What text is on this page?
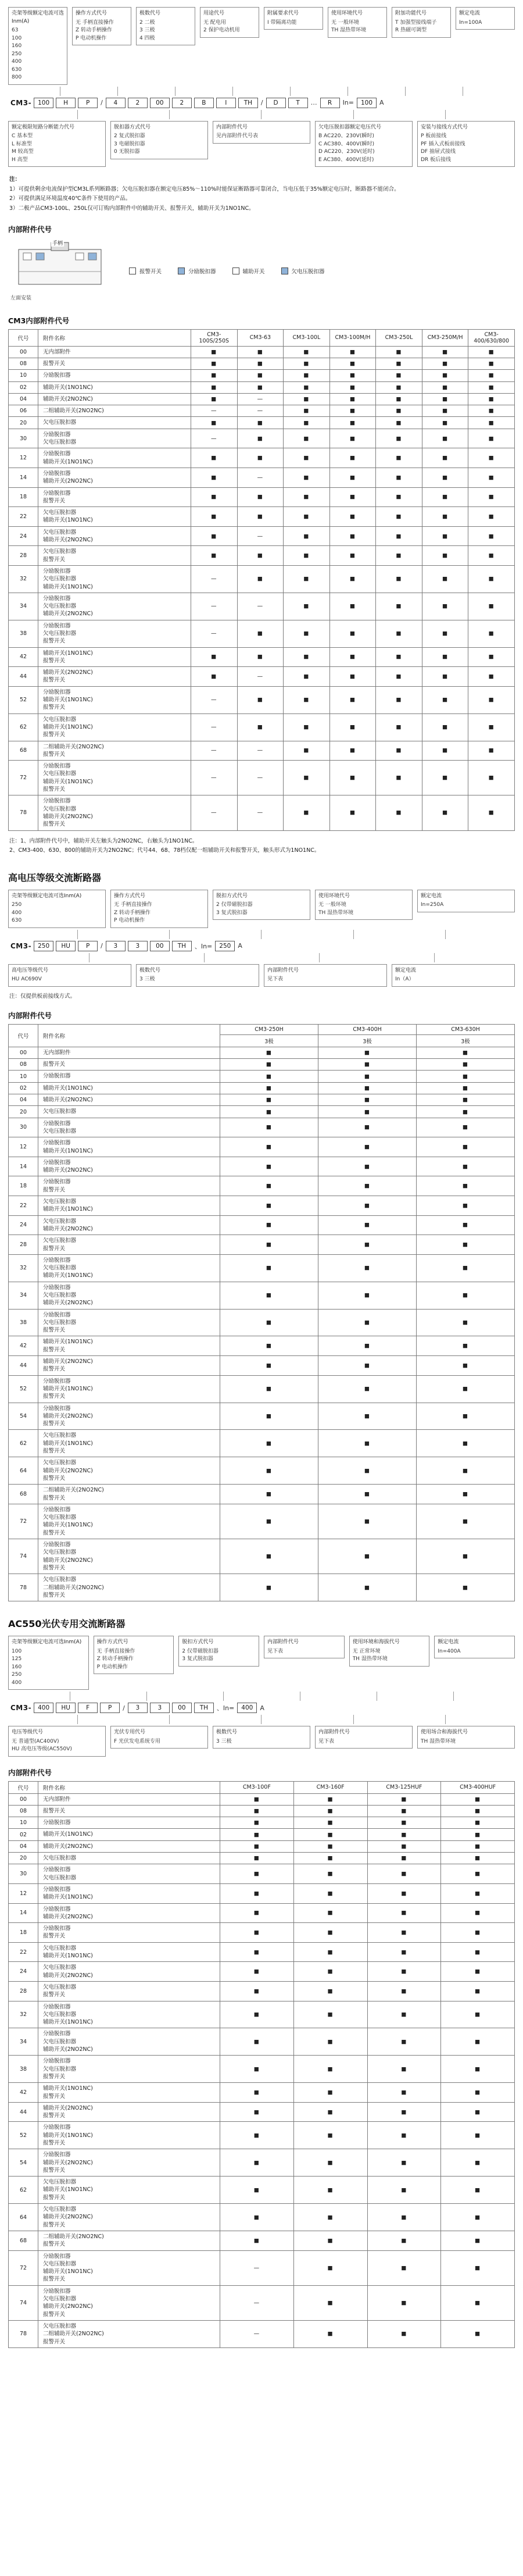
壳架等级额定电流可选Inm(A)
63
100
160
250
400
630
800
操作方式代号
无 手柄直接操作
Z 转动手柄操作
P 电动机操作
极数代号
2 二极
3 三极
4 四极
用途代号
无 配电用
2 保护电动机用
附属要求代号
I 带隔离功能
使用环境代号
无 一般环境
TH 湿热带环境
附加功能代号
T 加强型接线端子
R 热磁可调型
额定电流
In=100A
CM3-	100	H	P	/	4	2	00	2	B	I	TH	/	D	T	…	R	In=	100	A
额定极限短路分断能力代号
C 基本型
L 标准型
M 较高型
H 高型
脱扣器方式代号
2 复式脱扣器
3 电磁脱扣器
0 无脱扣器
内部附件代号
见内部附件代号表
欠电压脱扣器额定电压代号
B AC220、230V(瞬时)
C AC380、400V(瞬时)
D AC220、230V(延时)
E AC380、400V(延时)
安装与接线方式代号
P 板前接线
PF 插入式板前接线
DF 抽屉式接线
DR 板后接线
注：
1）可提供剩余电流保护型CM3L系列断路器；欠电压脱扣器在额定电压85%～110%时能保证断路器可靠闭合，当电压低于35%额定电压时，断路器不能闭合。
2）可提供满足环境温度40℃条件下使用的产品。
3）二极产品CM3-100L、250L仅可订购内部附件中的辅助开关、报警开关，辅助开关为1NO1NC。
内部附件代号
手柄
左面安装
报警开关	分励脱扣器	辅助开关	欠电压脱扣器
CM3内部附件代号
代号	附件名称	CM3-100S/250S	CM3-63	CM3-100L	CM3-100M/H	CM3-250L	CM3-250M/H	CM3-400/630/800
00	无内部附件	■	■	■	■	■	■	■
08	报警开关	■	■	■	■	■	■	■
10	分励脱扣器	■	■	■	■	■	■	■
02	辅助开关(1NO1NC)	■	■	■	■	■	■	■
04	辅助开关(2NO2NC)	■	—	■	■	■	■	■
06	二组辅助开关(2NO2NC)	—	—	■	■	■	■	■
20	欠电压脱扣器	■	■	■	■	■	■	■
30	分励脱扣器
欠电压脱扣器	—	■	■	■	■	■	■
12	分励脱扣器
辅助开关(1NO1NC)	■	■	■	■	■	■	■
14	分励脱扣器
辅助开关(2NO2NC)	■	—	■	■	■	■	■
18	分励脱扣器
报警开关	■	■	■	■	■	■	■
22	欠电压脱扣器
辅助开关(1NO1NC)	■	■	■	■	■	■	■
24	欠电压脱扣器
辅助开关(2NO2NC)	■	—	■	■	■	■	■
28	欠电压脱扣器
报警开关	■	■	■	■	■	■	■
32	分励脱扣器
欠电压脱扣器
辅助开关(1NO1NC)	—	■	■	■	■	■	■
34	分励脱扣器
欠电压脱扣器
辅助开关(2NO2NC)	—	—	■	■	■	■	■
38	分励脱扣器
欠电压脱扣器
报警开关	—	■	■	■	■	■	■
42	辅助开关(1NO1NC)
报警开关	■	■	■	■	■	■	■
44	辅助开关(2NO2NC)
报警开关	■	—	■	■	■	■	■
52	分励脱扣器
辅助开关(1NO1NC)
报警开关	—	■	■	■	■	■	■
62	欠电压脱扣器
辅助开关(1NO1NC)
报警开关	—	■	■	■	■	■	■
68	二组辅助开关(2NO2NC)
报警开关	—	—	■	■	■	■	■
72	分励脱扣器
欠电压脱扣器
辅助开关(1NO1NC)
报警开关	—	—	■	■	■	■	■
78	分励脱扣器
欠电压脱扣器
辅助开关(2NO2NC)
报警开关	—	—	■	■	■	■	■
注：1、内部附件代号中，辅助开关左触头为2NO2NC，右触头为1NO1NC。
2、CM3-400、630、800的辅助开关为2NO2NC；代号44、68、78档仅配一组辅助开关和报警开关，触头形式为1NO1NC。
高电压等级交流断路器
壳架等级额定电流可选Inm(A)
250
400
630
操作方式代号
无 手柄直接操作
Z 转动手柄操作
P 电动机操作
脱扣方式代号
2 仅带磁脱扣器
3 复式脱扣器
使用环境代号
无 一般环境
TH 湿热带环境
额定电流
In=250A
CM3-	250	HU	P	/	3	3	00	TH	、In=	250	A
高电压等级代号
HU AC690V
极数代号
3 三极
内部附件代号
见下表
额定电流
In（A）
注：仅提供板前接线方式。
内部附件代号
代号	附件名称	CM3-250H	CM3-400H	CM3-630H
		3极	3极	3极
00	无内部附件	■	■	■
08	报警开关	■	■	■
10	分励脱扣器	■	■	■
02	辅助开关(1NO1NC)	■	■	■
04	辅助开关(2NO2NC)	■	■	■
20	欠电压脱扣器	■	■	■
30	分励脱扣器
欠电压脱扣器	■	■	■
12	分励脱扣器
辅助开关(1NO1NC)	■	■	■
14	分励脱扣器
辅助开关(2NO2NC)	■	■	■
18	分励脱扣器
报警开关	■	■	■
22	欠电压脱扣器
辅助开关(1NO1NC)	■	■	■
24	欠电压脱扣器
辅助开关(2NO2NC)	■	■	■
28	欠电压脱扣器
报警开关	■	■	■
32	分励脱扣器
欠电压脱扣器
辅助开关(1NO1NC)	■	■	■
34	分励脱扣器
欠电压脱扣器
辅助开关(2NO2NC)	■	■	■
38	分励脱扣器
欠电压脱扣器
报警开关	■	■	■
42	辅助开关(1NO1NC)
报警开关	■	■	■
44	辅助开关(2NO2NC)
报警开关	■	■	■
52	分励脱扣器
辅助开关(1NO1NC)
报警开关	■	■	■
54	分励脱扣器
辅助开关(2NO2NC)
报警开关	■	■	■
62	欠电压脱扣器
辅助开关(1NO1NC)
报警开关	■	■	■
64	欠电压脱扣器
辅助开关(2NO2NC)
报警开关	■	■	■
68	二组辅助开关(2NO2NC)
报警开关	■	■	■
72	分励脱扣器
欠电压脱扣器
辅助开关(1NO1NC)
报警开关	■	■	■
74	分励脱扣器
欠电压脱扣器
辅助开关(2NO2NC)
报警开关	■	■	■
78	欠电压脱扣器
二组辅助开关(2NO2NC)
报警开关	■	■	■
AC550光伏专用交流断路器
壳架等级额定电流可选Inm(A)
100
125
160
250
400
操作方式代号
无 手柄直接操作
Z 转动手柄操作
P 电动机操作
脱扣方式代号
2 仅带磁脱扣器
3 复式脱扣器
内部附件代号
见下表
使用环境和海拔代号
无 正常环境
TH 湿热带环境
额定电流
In=400A
CM3-	400	HU	F	P	/	3	3	00	TH	、In=	400	A
电压等级代号
无 普通型(AC400V)
HU 高电压等级(AC550V)
光伏专用代号
F 光伏发电系统专用
极数代号
3 三极
内部附件代号
见下表
使用场合和海拔代号
TH 湿热带环境
内部附件代号
代号	附件名称	CM3-100F	CM3-160F	CM3-125HUF	CM3-400HUF
00	无内部附件	■	■	■	■
08	报警开关	■	■	■	■
10	分励脱扣器	■	■	■	■
02	辅助开关(1NO1NC)	■	■	■	■
04	辅助开关(2NO2NC)	■	■	■	■
20	欠电压脱扣器	■	■	■	■
30	分励脱扣器
欠电压脱扣器	■	■	■	■
12	分励脱扣器
辅助开关(1NO1NC)	■	■	■	■
14	分励脱扣器
辅助开关(2NO2NC)	■	■	■	■
18	分励脱扣器
报警开关	■	■	■	■
22	欠电压脱扣器
辅助开关(1NO1NC)	■	■	■	■
24	欠电压脱扣器
辅助开关(2NO2NC)	■	■	■	■
28	欠电压脱扣器
报警开关	■	■	■	■
32	分励脱扣器
欠电压脱扣器
辅助开关(1NO1NC)	■	■	■	■
34	分励脱扣器
欠电压脱扣器
辅助开关(2NO2NC)	■	■	■	■
38	分励脱扣器
欠电压脱扣器
报警开关	■	■	■	■
42	辅助开关(1NO1NC)
报警开关	■	■	■	■
44	辅助开关(2NO2NC)
报警开关	■	■	■	■
52	分励脱扣器
辅助开关(1NO1NC)
报警开关	■	■	■	■
54	分励脱扣器
辅助开关(2NO2NC)
报警开关	■	■	■	■
62	欠电压脱扣器
辅助开关(1NO1NC)
报警开关	■	■	■	■
64	欠电压脱扣器
辅助开关(2NO2NC)
报警开关	■	■	■	■
68	二组辅助开关(2NO2NC)
报警开关	■	■	■	■
72	分励脱扣器
欠电压脱扣器
辅助开关(1NO1NC)
报警开关	—	■	■	■
74	分励脱扣器
欠电压脱扣器
辅助开关(2NO2NC)
报警开关	—	■	■	■
78	欠电压脱扣器
二组辅助开关(2NO2NC)
报警开关	—	■	■	■
